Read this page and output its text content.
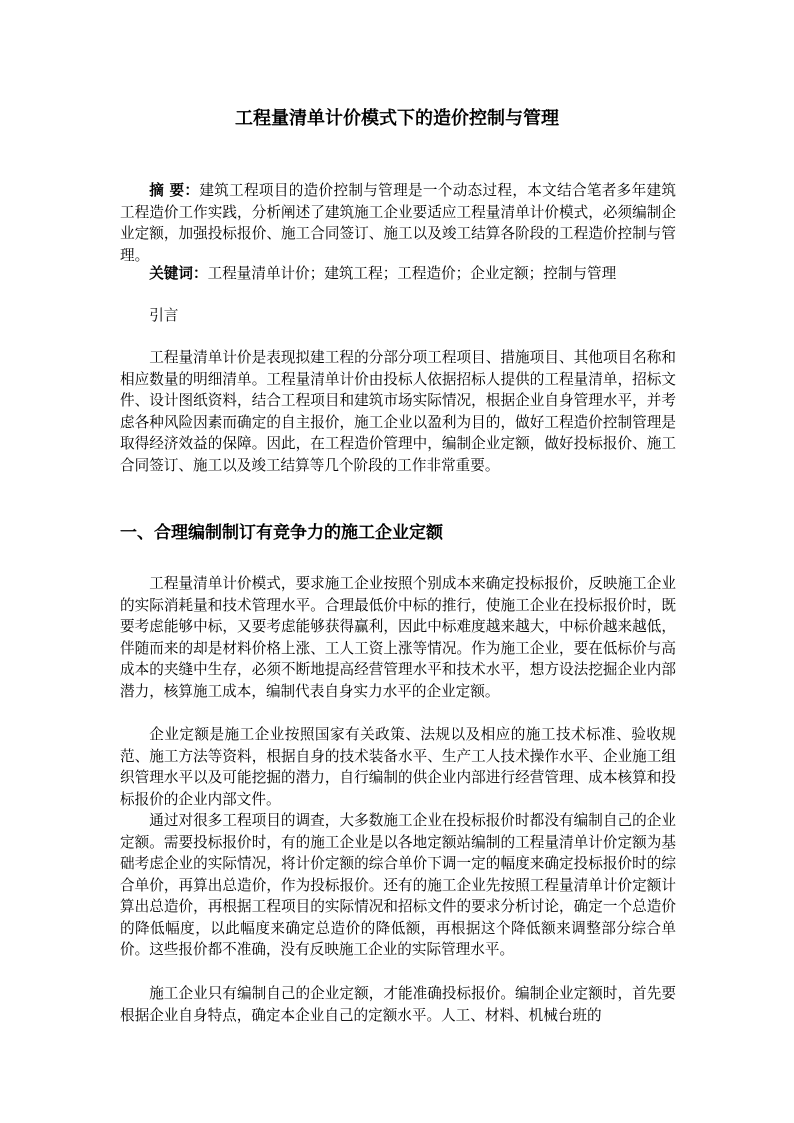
工程量清单计价模式下的造价控制与管理
摘 要：建筑工程项目的造价控制与管理是一个动态过程，本文结合笔者多年建筑工程造价工作实践，分析阐述了建筑施工企业要适应工程量清单计价模式，必须编制企业定额，加强投标报价、施工合同签订、施工以及竣工结算各阶段的工程造价控制与管理。
关键词：工程量清单计价；建筑工程；工程造价；企业定额；控制与管理
引言
工程量清单计价是表现拟建工程的分部分项工程项目、措施项目、其他项目名称和相应数量的明细清单。工程量清单计价由投标人依据招标人提供的工程量清单，招标文件、设计图纸资料，结合工程项目和建筑市场实际情况，根据企业自身管理水平，并考虑各种风险因素而确定的自主报价，施工企业以盈利为目的，做好工程造价控制管理是取得经济效益的保障。因此，在工程造价管理中，编制企业定额，做好投标报价、施工合同签订、施工以及竣工结算等几个阶段的工作非常重要。
一、合理编制制订有竞争力的施工企业定额
工程量清单计价模式，要求施工企业按照个别成本来确定投标报价，反映施工企业的实际消耗量和技术管理水平。合理最低价中标的推行，使施工企业在投标报价时，既要考虑能够中标，又要考虑能够获得赢利，因此中标难度越来越大，中标价越来越低，伴随而来的却是材料价格上涨、工人工资上涨等情况。作为施工企业，要在低标价与高成本的夹缝中生存，必须不断地提高经营管理水平和技术水平，想方设法挖掘企业内部潜力，核算施工成本，编制代表自身实力水平的企业定额。
企业定额是施工企业按照国家有关政策、法规以及相应的施工技术标准、验收规范、施工方法等资料，根据自身的技术装备水平、生产工人技术操作水平、企业施工组织管理水平以及可能挖掘的潜力，自行编制的供企业内部进行经营管理、成本核算和投标报价的企业内部文件。
通过对很多工程项目的调查，大多数施工企业在投标报价时都没有编制自己的企业定额。需要投标报价时，有的施工企业是以各地定额站编制的工程量清单计价定额为基础考虑企业的实际情况，将计价定额的综合单价下调一定的幅度来确定投标报价时的综合单价，再算出总造价，作为投标报价。还有的施工企业先按照工程量清单计价定额计算出总造价，再根据工程项目的实际情况和招标文件的要求分析讨论，确定一个总造价的降低幅度，以此幅度来确定总造价的降低额，再根据这个降低额来调整部分综合单价。这些报价都不准确，没有反映施工企业的实际管理水平。
施工企业只有编制自己的企业定额，才能准确投标报价。编制企业定额时，首先要根据企业自身特点，确定本企业自己的定额水平。人工、材料、机械台班的
